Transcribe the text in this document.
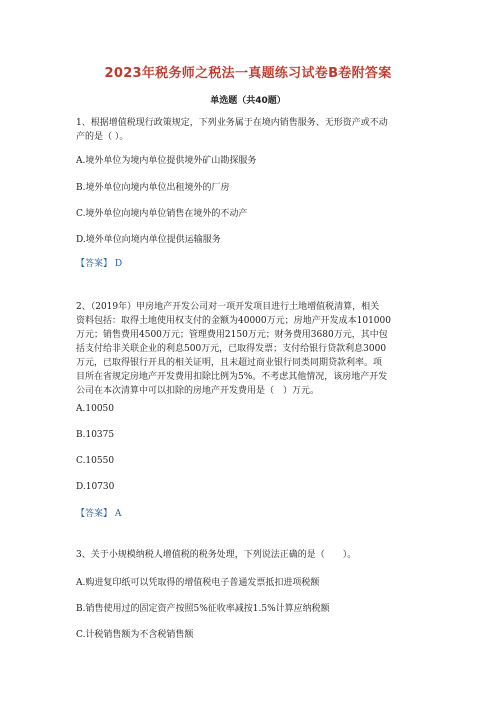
2023年税务师之税法一真题练习试卷B卷附答案
单选题（共40题）
1、根据增值税现行政策规定，下列业务属于在境内销售服务、无形资产或不动
产的是（ ）。
A.境外单位为境内单位提供境外矿山勘探服务
B.境外单位向境内单位出租境外的厂房
C.境外单位向境内单位销售在境外的不动产
D.境外单位向境内单位提供运输服务
【答案】 D
2、（2019年）甲房地产开发公司对一项开发项目进行土地增值税清算，相关
资料包括：取得土地使用权支付的金额为40000万元；房地产开发成本101000
万元；销售费用4500万元；管理费用2150万元；财务费用3680万元，其中包
括支付给非关联企业的利息500万元，已取得发票；支付给银行贷款利息3000
万元，已取得银行开具的相关证明，且未超过商业银行同类同期贷款利率。项
目所在省规定房地产开发费用扣除比例为5%。不考虑其他情况，该房地产开发
公司在本次清算中可以扣除的房地产开发费用是（　）万元。
A.10050
B.10375
C.10550
D.10730
【答案】 A
3、关于小规模纳税人增值税的税务处理，下列说法正确的是（　　）。
A.购进复印纸可以凭取得的增值税电子普通发票抵扣进项税额
B.销售使用过的固定资产按照5%征收率减按1.5%计算应纳税额
C.计税销售额为不含税销售额
